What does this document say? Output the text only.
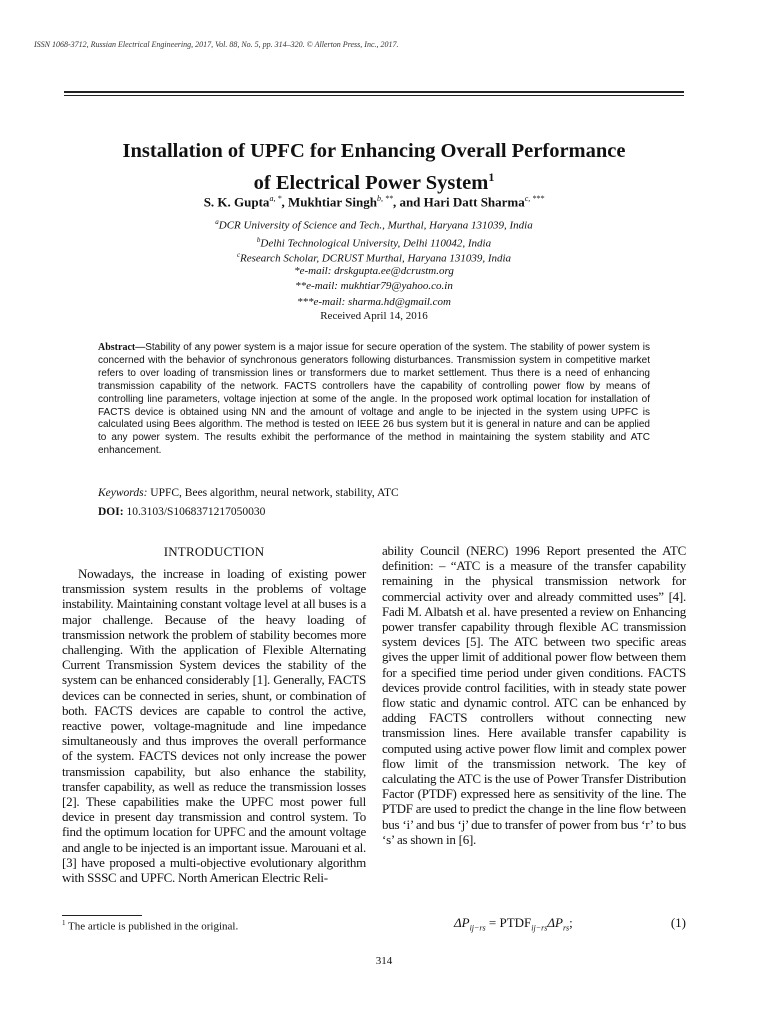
ISSN 1068-3712, Russian Electrical Engineering, 2017, Vol. 88, No. 5, pp. 314–320. © Allerton Press, Inc., 2017.
Installation of UPFC for Enhancing Overall Performance
of Electrical Power System$^1$
S. K. Gupta$^{a, *}$, Mukhtiar Singh$^{b, **}$, and Hari Datt Sharma$^{c, ***}$
$^a$DCR University of Science and Tech., Murthal, Haryana 131039, India
$^b$Delhi Technological University, Delhi 110042, India
$^c$Research Scholar, DCRUST Murthal, Haryana 131039, India
*e-mail: drskgupta.ee@dcrustm.org
**e-mail: mukhtiar79@yahoo.co.in
***e-mail: sharma.hd@gmail.com
Received April 14, 2016
Abstract—Stability of any power system is a major issue for secure operation of the system. The stability of power system is concerned with the behavior of synchronous generators following disturbances. Transmission system in competitive market refers to over loading of transmission lines or transformers due to market settlement. Thus there is a need of enhancing transmission capability of the network. FACTS controllers have the capability of controlling power flow by means of controlling line parameters, voltage injection at some of the angle. In the proposed work optimal location for installation of FACTS device is obtained using NN and the amount of voltage and angle to be injected in the system using UPFC is calculated using Bees algorithm. The method is tested on IEEE 26 bus system but it is general in nature and can be applied to any power system. The results exhibit the performance of the method in maintaining the system stability and ATC enhancement.
Keywords: UPFC, Bees algorithm, neural network, stability, ATC
DOI: 10.3103/S1068371217050030
INTRODUCTION

Nowadays, the increase in loading of existing power transmission system results in the problems of voltage instability. Maintaining constant voltage level at all buses is a major challenge. Because of the heavy loading of transmission network the problem of stability becomes more challenging. With the application of Flexible Alternating Current Transmission System devices the stability of the system can be enhanced considerably [1]. Generally, FACTS devices can be connected in series, shunt, or combination of both. FACTS devices are capable to control the active, reactive power, voltage-magnitude and line impedance simultaneously and thus improves the overall performance of the system. FACTS devices not only increase the power transmission capability, but also enhance the stability, transfer capability, as well as reduce the transmission losses [2]. These capabilities make the UPFC most power full device in present day transmission and control system. To find the optimum location for UPFC and the amount voltage and angle to be injected is an important issue. Marouani et al. [3] have proposed a multi-objective evolutionary algorithm with SSSC and UPFC. North American Electric Reli-

ability Council (NERC) 1996 Report presented the ATC definition: – “ATC is a measure of the transfer capability remaining in the physical transmission network for commercial activity over and already committed uses” [4]. Fadi M. Albatsh et al. have presented a review on Enhancing power transfer capability through flexible AC transmission system devices [5]. The ATC between two specific areas gives the upper limit of additional power flow between them for a specified time period under given conditions. FACTS devices provide control facilities, with in steady state power flow static and dynamic control. ATC can be enhanced by adding FACTS controllers without connecting new transmission lines. Here available transfer capability is computed using active power flow limit and complex power flow limit of the transmission network. The key of calculating the ATC is the use of Power Transfer Distribution Factor (PTDF) expressed here as sensitivity of the line. The PTDF are used to predict the change in the line flow between bus ‘i’ and bus ‘j’ due to transfer of power from bus ‘r’ to bus ‘s’ as shown in [6].

$^1$ The article is published in the original.	$\Delta P_{ij-rs}$ = $PTDF_{ij-rs}\Delta P_{rs}$;	(1)
314
